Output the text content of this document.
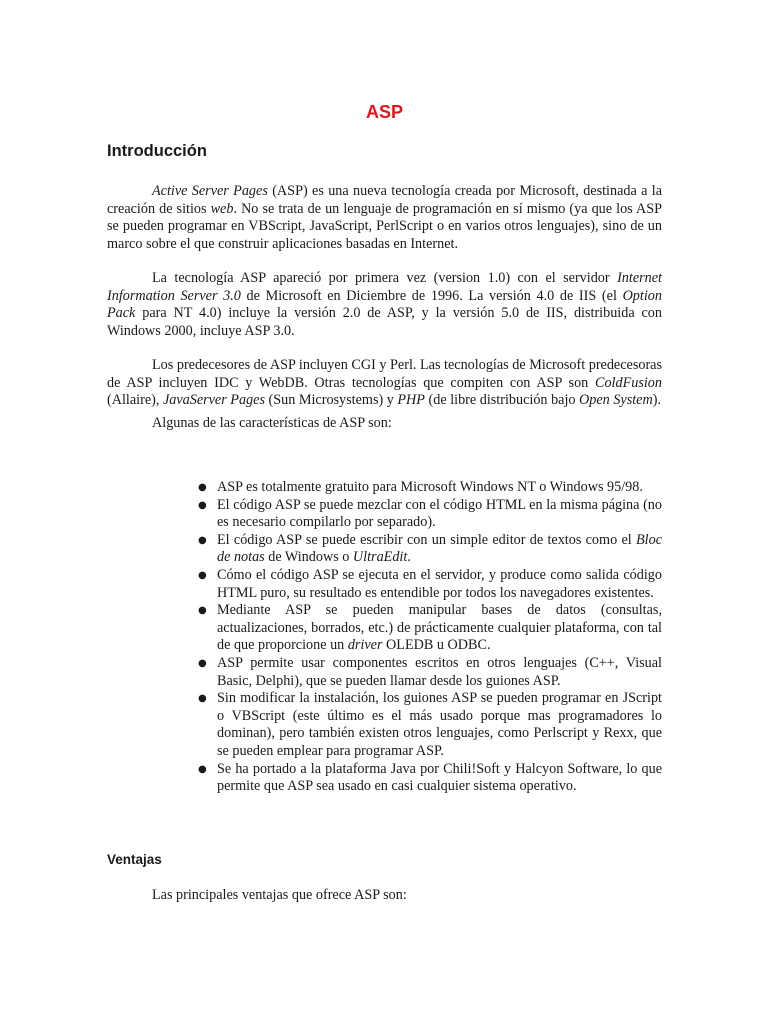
ASP
Introducción

Active Server Pages (ASP) es una nueva tecnología creada por Microsoft, destinada a la creación de sitios web. No se trata de un lenguaje de programación en sí mismo (ya que los ASP se pueden programar en VBScript, JavaScript, PerlScript o en varios otros lenguajes), sino de un marco sobre el que construir aplicaciones basadas en Internet.

La tecnología ASP apareció por primera vez (version 1.0) con el servidor Internet Information Server 3.0 de Microsoft en Diciembre de 1996. La versión 4.0 de IIS (el Option Pack para NT 4.0) incluye la versión 2.0 de ASP, y la versión 5.0 de IIS, distribuida con Windows 2000, incluye ASP 3.0.

Los predecesores de ASP incluyen CGI y Perl. Las tecnologías de Microsoft predecesoras de ASP incluyen IDC y WebDB. Otras tecnologías que compiten con ASP son ColdFusion (Allaire), JavaServer Pages (Sun Microsystems) y PHP (de libre distribución bajo Open System).

Algunas de las características de ASP son:

● ASP es totalmente gratuito para Microsoft Windows NT o Windows 95/98.
● El código ASP se puede mezclar con el código HTML en la misma página (no es necesario compilarlo por separado).
● El código ASP se puede escribir con un simple editor de textos como el Bloc de notas de Windows o UltraEdit.
● Cómo el código ASP se ejecuta en el servidor, y produce como salida código HTML puro, su resultado es entendible por todos los navegadores existentes.
● Mediante ASP se pueden manipular bases de datos (consultas, actualizaciones, borrados, etc.) de prácticamente cualquier plataforma, con tal de que proporcione un driver OLEDB u ODBC.
● ASP permite usar componentes escritos en otros lenguajes (C++, Visual Basic, Delphi), que se pueden llamar desde los guiones ASP.
● Sin modificar la instalación, los guiones ASP se pueden programar en JScript o VBScript (este último es el más usado porque mas programadores lo dominan), pero también existen otros lenguajes, como Perlscript y Rexx, que se pueden emplear para programar ASP.
● Se ha portado a la plataforma Java por Chili!Soft y Halcyon Software, lo que permite que ASP sea usado en casi cualquier sistema operativo.
Ventajas

Las principales ventajas que ofrece ASP son:
